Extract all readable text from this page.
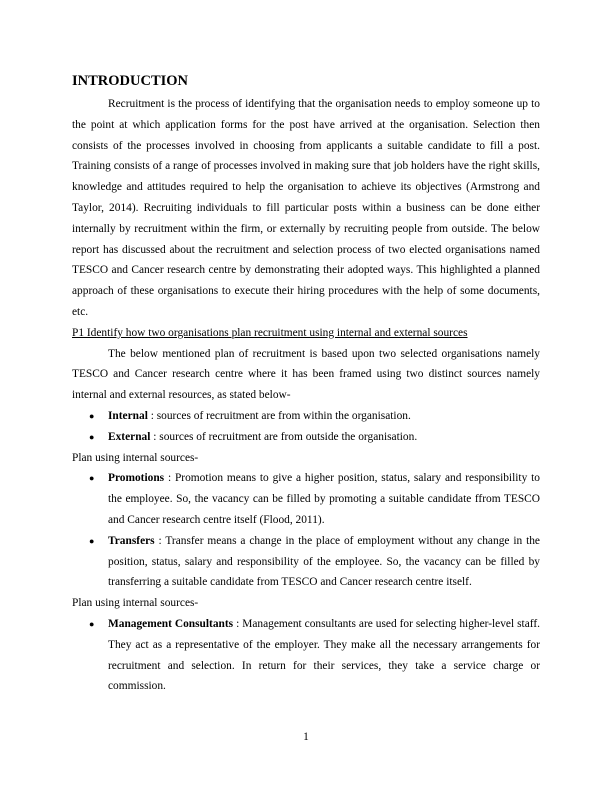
INTRODUCTION

Recruitment is the process of identifying that the organisation needs to employ someone up to the point at which application forms for the post have arrived at the organisation. Selection then consists of the processes involved in choosing from applicants a suitable candidate to fill a post. Training consists of a range of processes involved in making sure that job holders have the right skills, knowledge and attitudes required to help the organisation to achieve its objectives (Armstrong and Taylor, 2014). Recruiting individuals to fill particular posts within a business can be done either internally by recruitment within the firm, or externally by recruiting people from outside. The below report has discussed about the recruitment and selection process of two elected organisations named TESCO and Cancer research centre by demonstrating their adopted ways. This highlighted a planned approach of these organisations to execute their hiring procedures with the help of some documents, etc.

P1 Identify how two organisations plan recruitment using internal and external sources

The below mentioned plan of recruitment is based upon two selected organisations namely TESCO and Cancer research centre where it has been framed using two distinct sources namely internal and external resources, as stated below-

● Internal : sources of recruitment are from within the organisation.
● External : sources of recruitment are from outside the organisation.

Plan using internal sources-

● Promotions : Promotion means to give a higher position, status, salary and responsibility to the employee. So, the vacancy can be filled by promoting a suitable candidate ffrom TESCO and Cancer research centre itself (Flood, 2011).
● Transfers : Transfer means a change in the place of employment without any change in the position, status, salary and responsibility of the employee. So, the vacancy can be filled by transferring a suitable candidate from TESCO and Cancer research centre itself.

Plan using internal sources-

● Management Consultants : Management consultants are used for selecting higher-level staff. They act as a representative of the employer. They make all the necessary arrangements for recruitment and selection. In return for their services, they take a service charge or commission.
1
